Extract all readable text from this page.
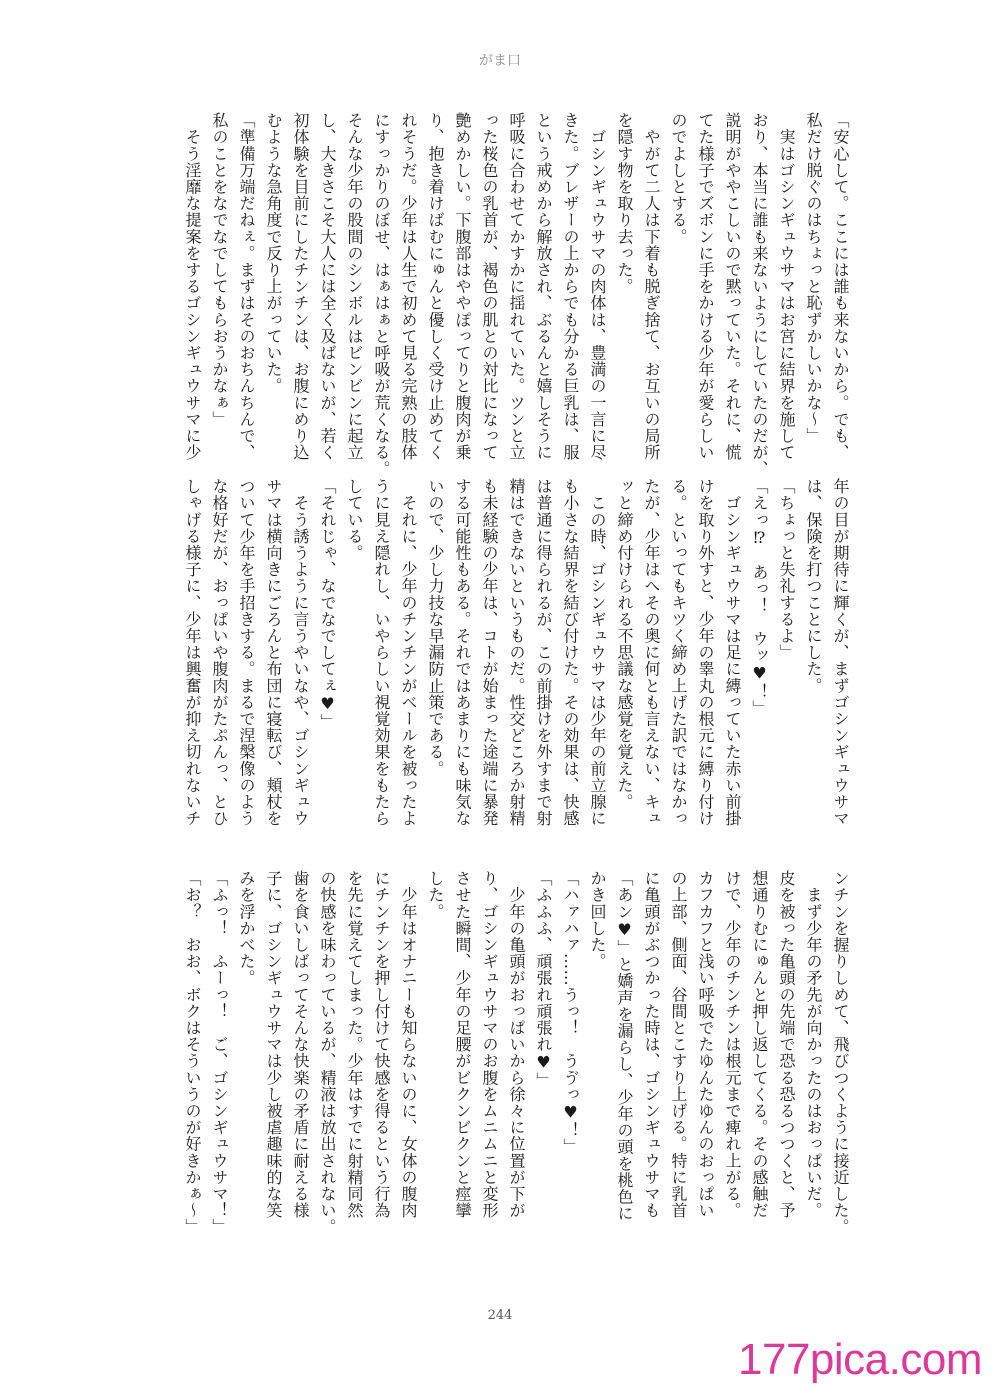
がま口
「安心して。ここには誰も来ないから。でも、
私だけ脱ぐのはちょっと恥ずかしいかな〜」
　実はゴシンギュウサマはお宮に結界を施して
おり、本当に誰も来ないようにしていたのだが、
説明がややこしいので黙っていた。それに、慌
てた様子でズボンに手をかける少年が愛らしい
のでよしとする。
　やがて二人は下着も脱ぎ捨て、お互いの局所
を隠す物を取り去った。
　ゴシンギュウサマの肉体は、豊満の一言に尽
きた。ブレザーの上からでも分かる巨乳は、服
という戒めから解放され、ぶるんと嬉しそうに
呼吸に合わせてかすかに揺れていた。ツンと立
った桜色の乳首が、褐色の肌との対比になって
艶めかしい。下腹部はややぽってりと腹肉が乗
り、抱き着けばむにゅんと優しく受け止めてく
れそうだ。少年は人生で初めて見る完熟の肢体
にすっかりのぼせ、はぁはぁと呼吸が荒くなる。
そんな少年の股間のシンボルはビンビンに起立
し、大きさこそ大人には全く及ばないが、若く
初体験を目前にしたチンチンは、お腹にめり込
むような急角度で反り上がっていた。
「準備万端だねぇ。まずはそのおちんちんで、
私のことをなでなでしてもらおうかなぁ」
　そう淫靡な提案をするゴシンギュウサマに少
年の目が期待に輝くが、まずゴシンギュウサマ
は、保険を打つことにした。
「ちょっと失礼するよ」
「えっ⁉　あっ！　ウッ♥！」
　ゴシンギュウサマは足に縛っていた赤い前掛
けを取り外すと、少年の睾丸の根元に縛り付け
る。といってもキツく締め上げた訳ではなかっ
たが、少年はへその奥に何とも言えない、キュ
ッと締め付けられる不思議な感覚を覚えた。
　この時、ゴシンギュウサマは少年の前立腺に
も小さな結界を結び付けた。その効果は、快感
は普通に得られるが、この前掛けを外すまで射
精はできないというものだ。性交どころか射精
も未経験の少年は、コトが始まった途端に暴発
する可能性もある。それではあまりにも味気な
いので、少し力技な早漏防止策である。
　それに、少年のチンチンがベールを被ったよ
うに見え隠れし、いやらしい視覚効果をもたら
している。
「それじゃ、なでなでしてぇ♥」
　そう誘うように言うやいなや、ゴシンギュウ
サマは横向きにごろんと布団に寝転び、頬杖を
ついて少年を手招きする。まるで涅槃像のよう
な格好だが、おっぱいや腹肉がたぷんっ、とひ
しゃげる様子に、少年は興奮が抑え切れないチ
ンチンを握りしめて、飛びつくように接近した。
　まず少年の矛先が向かったのはおっぱいだ。
皮を被った亀頭の先端で恐る恐るつつくと、予
想通りむにゅんと押し返してくる。その感触だ
けで、少年のチンチンは根元まで痺れ上がる。
カフカフと浅い呼吸でたゆんたゆんのおっぱい
の上部、側面、谷間とこすり上げる。特に乳首
に亀頭がぶつかった時は、ゴシンギュウサマも
「あン♥」と嬌声を漏らし、少年の頭を桃色に
かき回した。
「ハァハァ……うっ！　うゔっ♥！」
「ふふふ、頑張れ頑張れ♥」
　少年の亀頭がおっぱいから徐々に位置が下が
り、ゴシンギュウサマのお腹をムニムニと変形
させた瞬間、少年の足腰がビクンビクンと痙攣
した。
　少年はオナニーも知らないのに、女体の腹肉
にチンチンを押し付けて快感を得るという行為
を先に覚えてしまった。少年はすでに射精同然
の快感を味わっているが、精液は放出されない。
歯を食いしばってそんな快楽の矛盾に耐える様
子に、ゴシンギュウサマは少し被虐趣味的な笑
みを浮かべた。
「ふっ！　ふーっ！　ご、ゴシンギュウサマ！」
「お？　おお、ボクはそういうのが好きかぁ〜」
244
177pica.com
